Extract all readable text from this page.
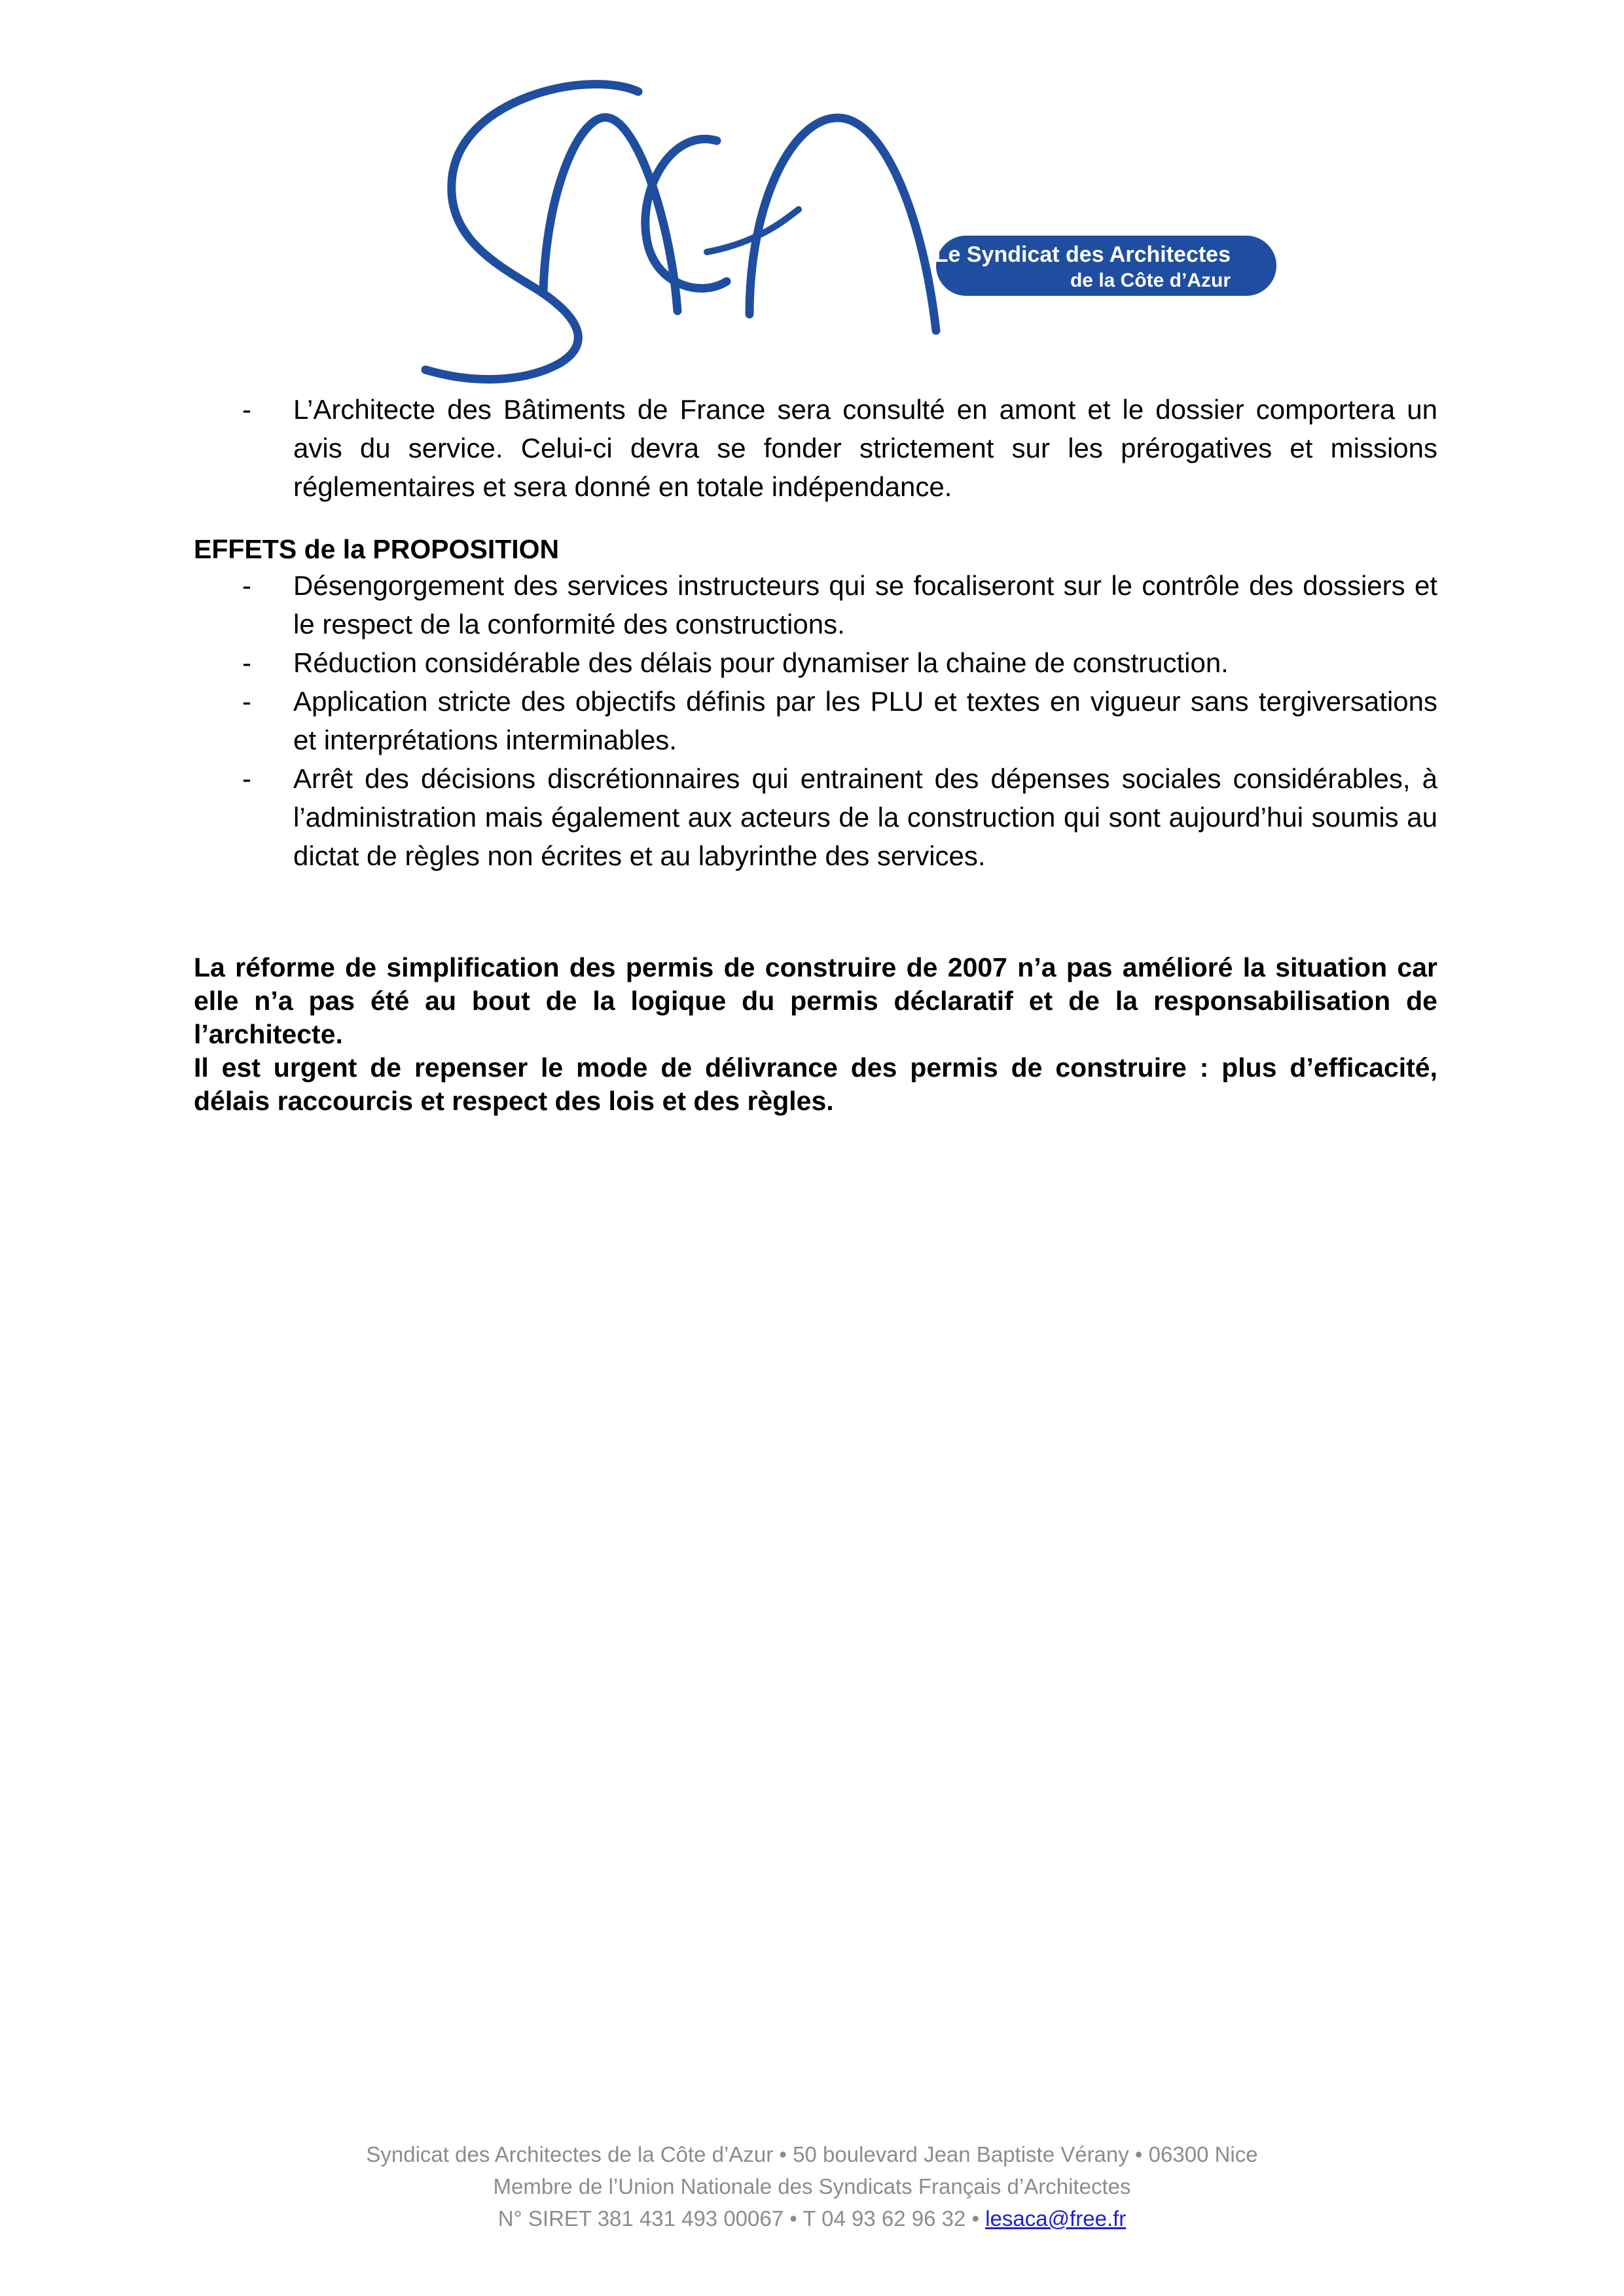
Le Syndicat des Architectes
de la Côte d’Azur
- L’Architecte des Bâtiments de France sera consulté en amont et le dossier comportera un avis du service. Celui-ci devra se fonder strictement sur les prérogatives et missions réglementaires et sera donné en totale indépendance.
EFFETS de la PROPOSITION
- Désengorgement des services instructeurs qui se focaliseront sur le contrôle des dossiers et le respect de la conformité des constructions.
- Réduction considérable des délais pour dynamiser la chaine de construction.
- Application stricte des objectifs définis par les PLU et textes en vigueur sans tergiversations et interprétations interminables.
- Arrêt des décisions discrétionnaires qui entrainent des dépenses sociales considérables, à l’administration mais également aux acteurs de la construction qui sont aujourd’hui soumis au dictat de règles non écrites et au labyrinthe des services.

La réforme de simplification des permis de construire de 2007 n’a pas amélioré la situation car elle n’a pas été au bout de la logique du permis déclaratif et de la responsabilisation de l’architecte.

Il est urgent de repenser le mode de délivrance des permis de construire : plus d’efficacité, délais raccourcis et respect des lois et des règles.

Syndicat des Architectes de la Côte d’Azur • 50 boulevard Jean Baptiste Vérany • 06300 Nice

Membre de l’Union Nationale des Syndicats Français d’Architectes

N° SIRET 381 431 493 00067 • T 04 93 62 96 32 • lesaca@free.fr
